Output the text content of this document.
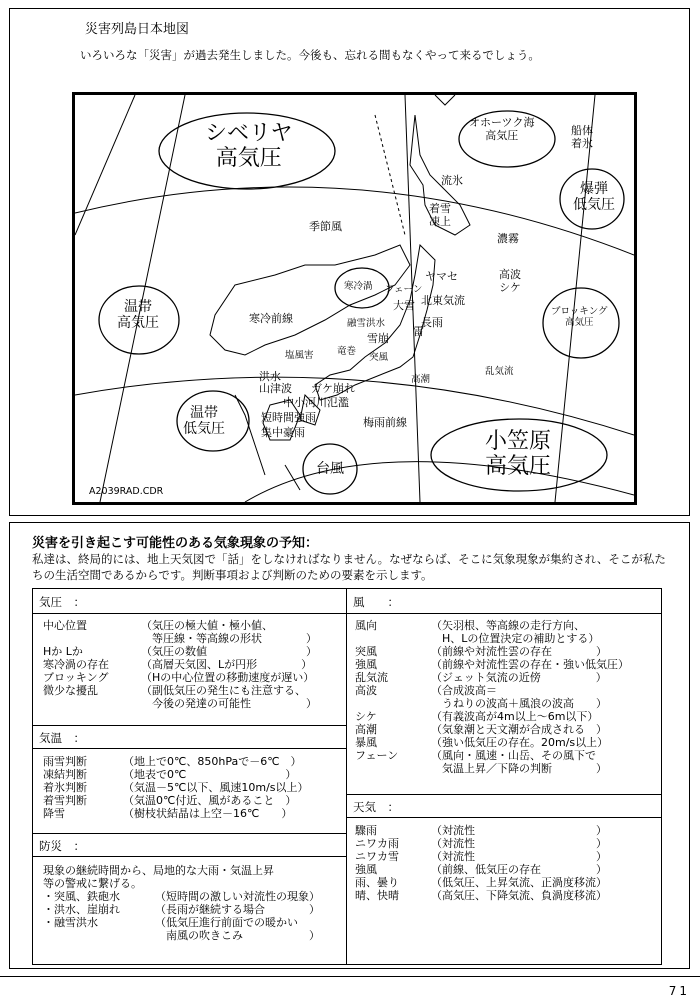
災害列島日本地図
いろいろな「災害」が過去発生しました。今後も、忘れる間もなくやって来るでしょう。
シベリヤ
高気圧
オホーツク海
高気圧	船体
着氷
流氷
爆弾
低気圧
着雪
凍上
季節風
濃霧
ヤマセ	高波
シケ
温帯
高気圧
寒冷渦 フェーン
大雪 北東気流
ブロッキング
高気圧
寒冷前線	融雪洪水	長雨
雪崩
雷
塩風害 竜巻
突風
高潮
乱気流
洪水
山津波 ガケ崩れ
中小河川氾濫
温帯
低気圧
短時間強雨
集中豪雨
梅雨前線
小笠原
高気圧
台風
A2039RAD.CDR
災害を引き起こす可能性のある気象現象の予知：
私達は、終局的には、地上天気図で「話」をしなければなりません。なぜならば、そこに気象現象が集約され、そこが私たちの生活空間であるからです。判断事項および判断のための要素を示します。
気圧　：
気温　：
防災　：
風　　：
天気　：
中心位置	（気圧の極大値・極小値、
　等圧線・等高線の形状　　　　）
Hか Lか	（気圧の数値　　　　　　　　　）
寒冷渦の存在	（高層天気図、Lが円形　　　　）
ブロッキング	（Hの中心位置の移動速度が遅い）
微少な擾乱	（副低気圧の発生にも注意する、
　今後の発達の可能性　　　　　）
雨雪判断	（地上で0℃、850hPaで－6℃　）
凍結判断	（地表で0℃　　　　　　　　　）
着氷判断	（気温－5℃以下、風速10m/s以上）
着雪判断	（気温0℃付近、風があること　）
降雪	（樹枝状結晶は上空－16℃　　）
現象の継続時間から、局地的な大雨・気温上昇
等の警戒に繋げる。
・突風、鉄砲水	（短時間の激しい対流性の現象）
・洪水、崖崩れ	（長雨が継続する場合　　　　）
・融雪洪水	（低気圧進行前面での暖かい
　南風の吹きこみ　　　　　　）
風向	（矢羽根、等高線の走行方向、
　H、Lの位置決定の補助とする）
突風	（前線や対流性雲の存在　　　　）
強風	（前線や対流性雲の存在・強い低気圧）
乱気流	（ジェット気流の近傍　　　　　）
高波	（合成波高＝
　うねりの波高＋風浪の波高　　）
シケ	（有義波高が4m以上～6m以下）
高潮	（気象潮と天文潮が合成される　）
暴風	（強い低気圧の存在。20m/s以上）
フェーン	（風向・風速・山岳、その風下で
　気温上昇／下降の判断　　　　）
驟雨	（対流性　　　　　　　　　　　）
ニワカ雨	（対流性　　　　　　　　　　　）
ニワカ雪	（対流性　　　　　　　　　　　）
強風	（前線、低気圧の存在　　　　　）
雨、曇り	（低気圧、上昇気流、正渦度移流）
晴、快晴	（高気圧、下降気流、負渦度移流）
71
